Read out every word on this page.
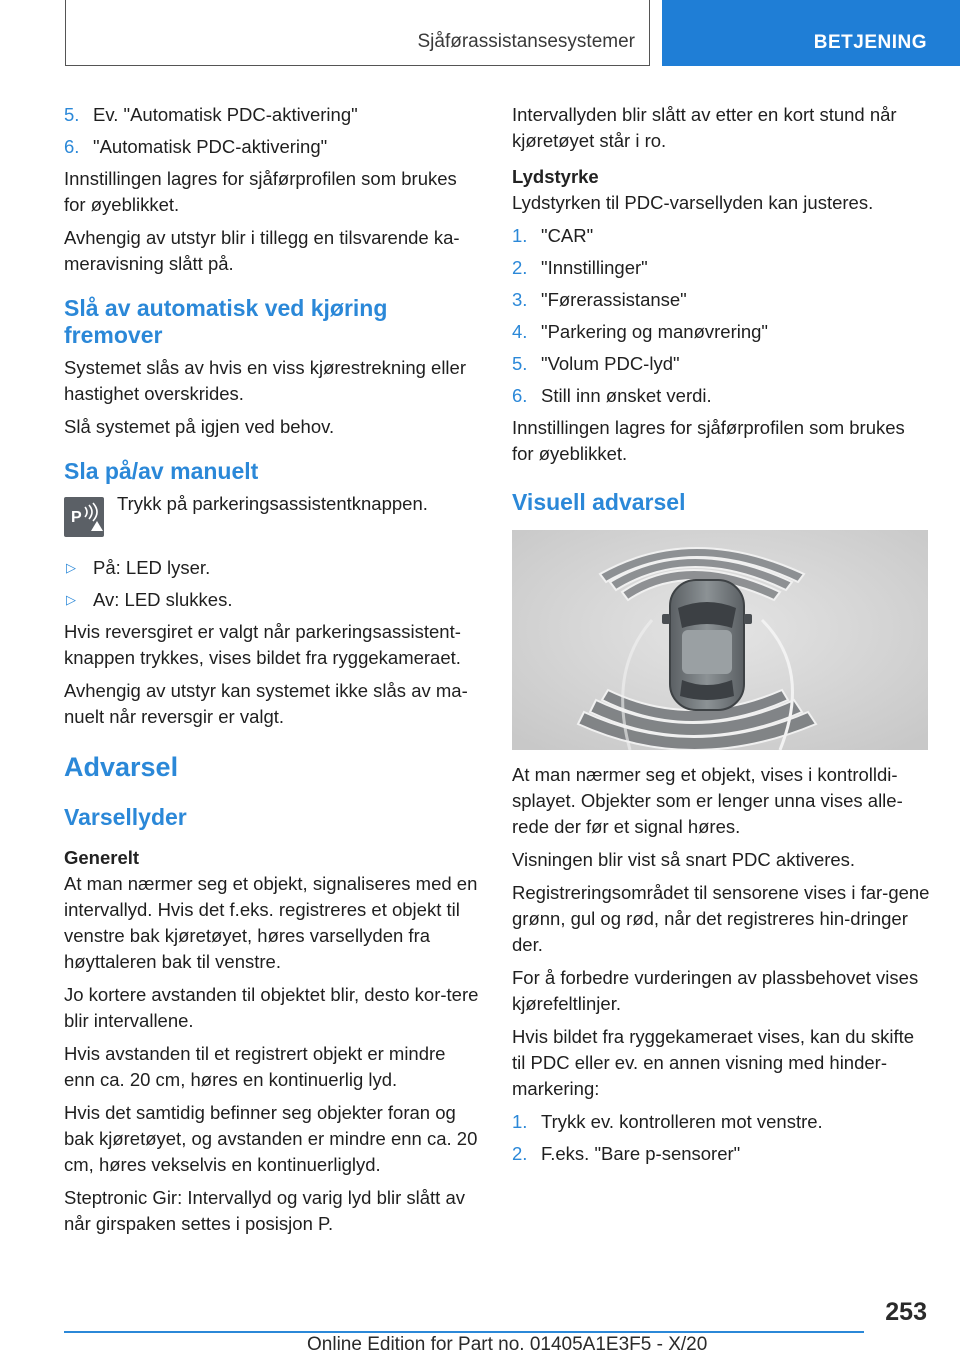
Sjåførassistansesystemer	BETJENING
5. Ev. "Automatisk PDC-aktivering"
6. "Automatisk PDC-aktivering"
Innstillingen lagres for sjåførprofilen som brukes for øyeblikket.
Avhengig av utstyr blir i tillegg en tilsvarende ka-meravisning slått på.
Slå av automatisk ved kjøring fremover
Systemet slås av hvis en viss kjørestrekning eller hastighet overskrides.
Slå systemet på igjen ved behov.
Sla på/av manuelt
P
Trykk på parkeringsassistentknappen.
▷ På: LED lyser.
▷ Av: LED slukkes.
Hvis reversgiret er valgt når parkeringsassistent-knappen trykkes, vises bildet fra ryggekameraet.
Avhengig av utstyr kan systemet ikke slås av ma-nuelt når reversgir er valgt.
Advarsel
Varsellyder
Generelt
At man nærmer seg et objekt, signaliseres med en intervallyd. Hvis det f.eks. registreres et objekt til venstre bak kjøretøyet, høres varsellyden fra høyttaleren bak til venstre.
Jo kortere avstanden til objektet blir, desto kor-tere blir intervallene.
Hvis avstanden til et registrert objekt er mindre enn ca. 20 cm, høres en kontinuerlig lyd.
Hvis det samtidig befinner seg objekter foran og bak kjøretøyet, og avstanden er mindre enn ca. 20 cm, høres vekselvis en kontinuerliglyd.
Steptronic Gir: Intervallyd og varig lyd blir slått av når girspaken settes i posisjon P.
Intervallyden blir slått av etter en kort stund når kjøretøyet står i ro.
Lydstyrke
Lydstyrken til PDC-varsellyden kan justeres.
1. "CAR"
2. "Innstillinger"
3. "Førerassistanse"
4. "Parkering og manøvrering"
5. "Volum PDC-lyd"
6. Still inn ønsket verdi.
Innstillingen lagres for sjåførprofilen som brukes for øyeblikket.
Visuell advarsel
At man nærmer seg et objekt, vises i kontrolldi-splayet. Objekter som er lenger unna vises alle-rede der før et signal høres.
Visningen blir vist så snart PDC aktiveres.
Registreringsområdet til sensorene vises i far-gene grønn, gul og rød, når det registreres hin-dringer der.
For å forbedre vurderingen av plassbehovet vises kjørefeltlinjer.
Hvis bildet fra ryggekameraet vises, kan du skifte til PDC eller ev. en annen visning med hinder-markering:
1. Trykk ev. kontrolleren mot venstre.
2. F.eks. "Bare p-sensorer"
253
Online Edition for Part no. 01405A1E3F5 - X/20
